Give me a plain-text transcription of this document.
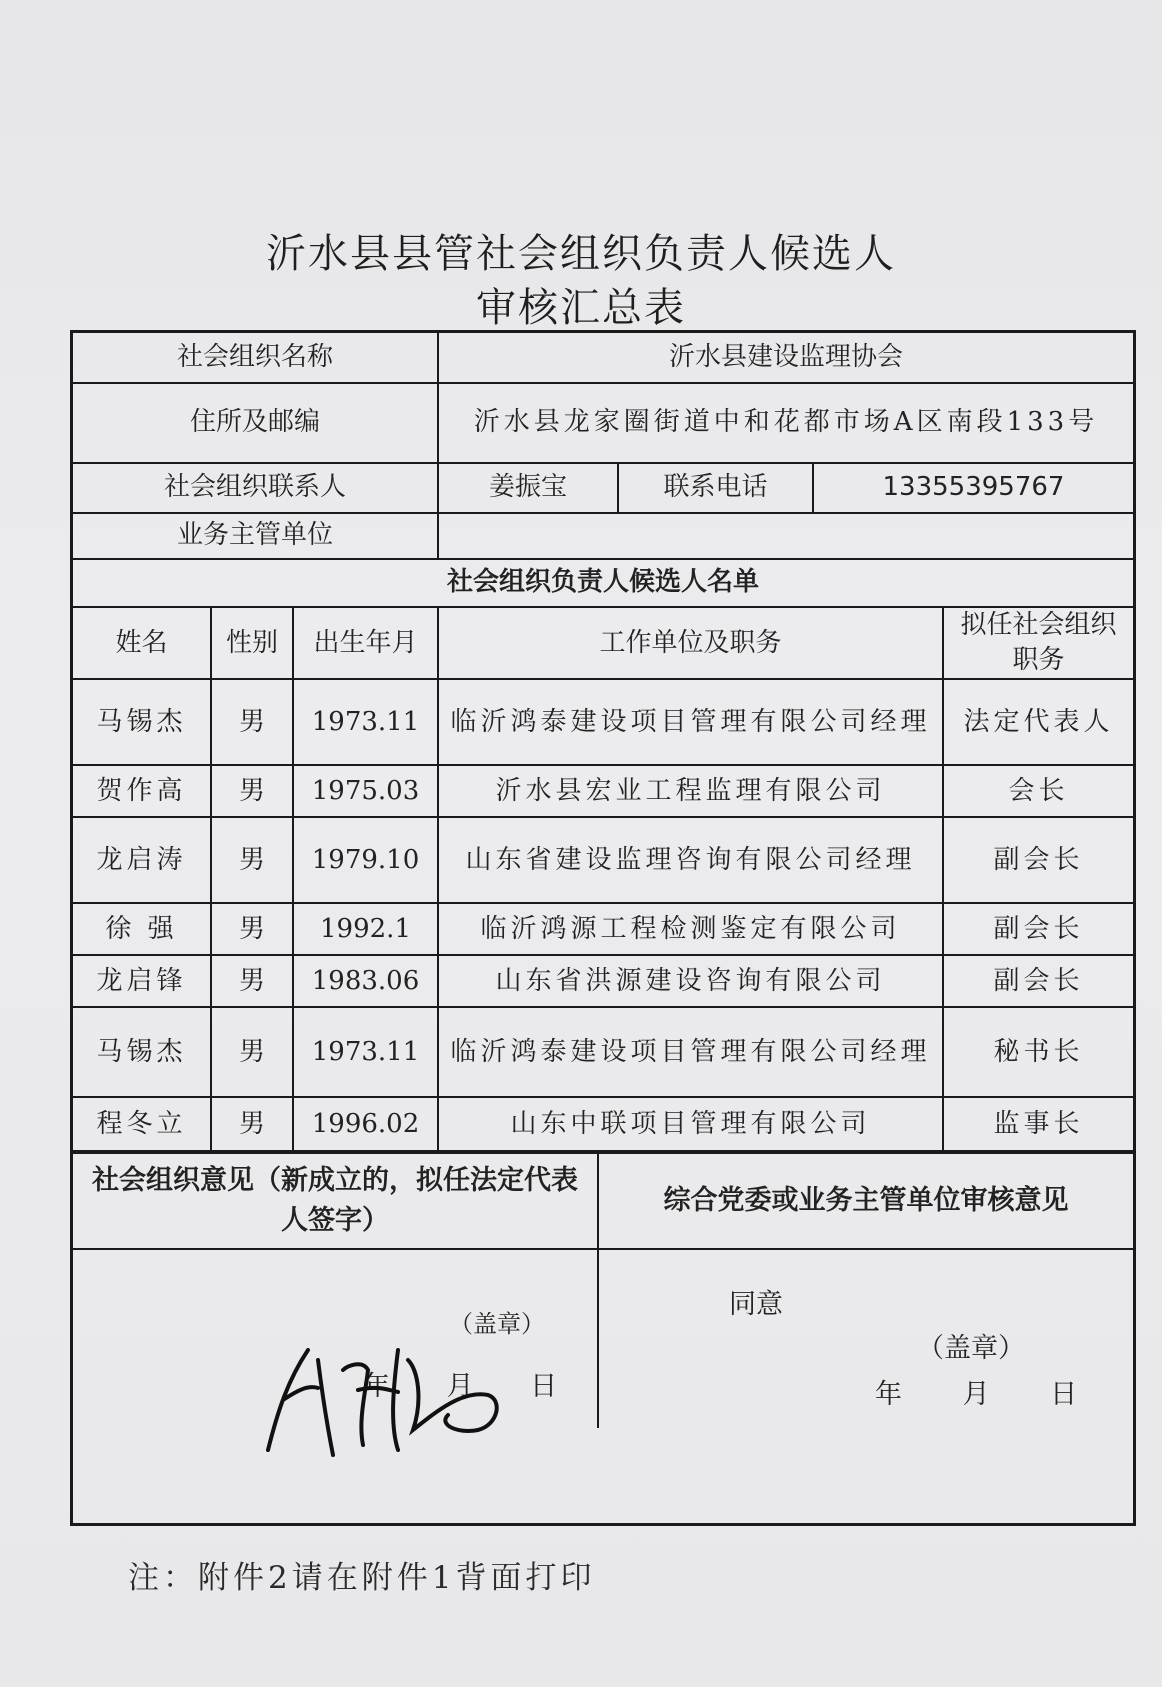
沂水县县管社会组织负责人候选人
审核汇总表
社会组织名称			沂水县建设监理协会			
住所及邮编			沂水县龙家圈街道中和花都市场A区南段133号			
社会组织联系人			姜振宝	联系电话	13355395767	
业务主管单位						
社会组织负责人候选人名单						
姓名	性别	出生年月	工作单位及职务			拟任社会组织职务
马锡杰	男	1973.11	临沂鸿泰建设项目管理有限公司经理			法定代表人
贺作高	男	1975.03	沂水县宏业工程监理有限公司			会长
龙启涛	男	1979.10	山东省建设监理咨询有限公司经理			副会长
徐 强	男	1992.1	临沂鸿源工程检测鉴定有限公司			副会长
龙启锋	男	1983.06	山东省洪源建设咨询有限公司			副会长
马锡杰	男	1973.11	临沂鸿泰建设项目管理有限公司经理			秘书长
程冬立	男	1996.02	山东中联项目管理有限公司			监事长
社会组织意见（新成立的，拟任法定代表人签字）
（盖章）
年 月 日
综合党委或业务主管单位审核意见
同意
（盖章）
年 月 日
注：附件2请在附件1背面打印
